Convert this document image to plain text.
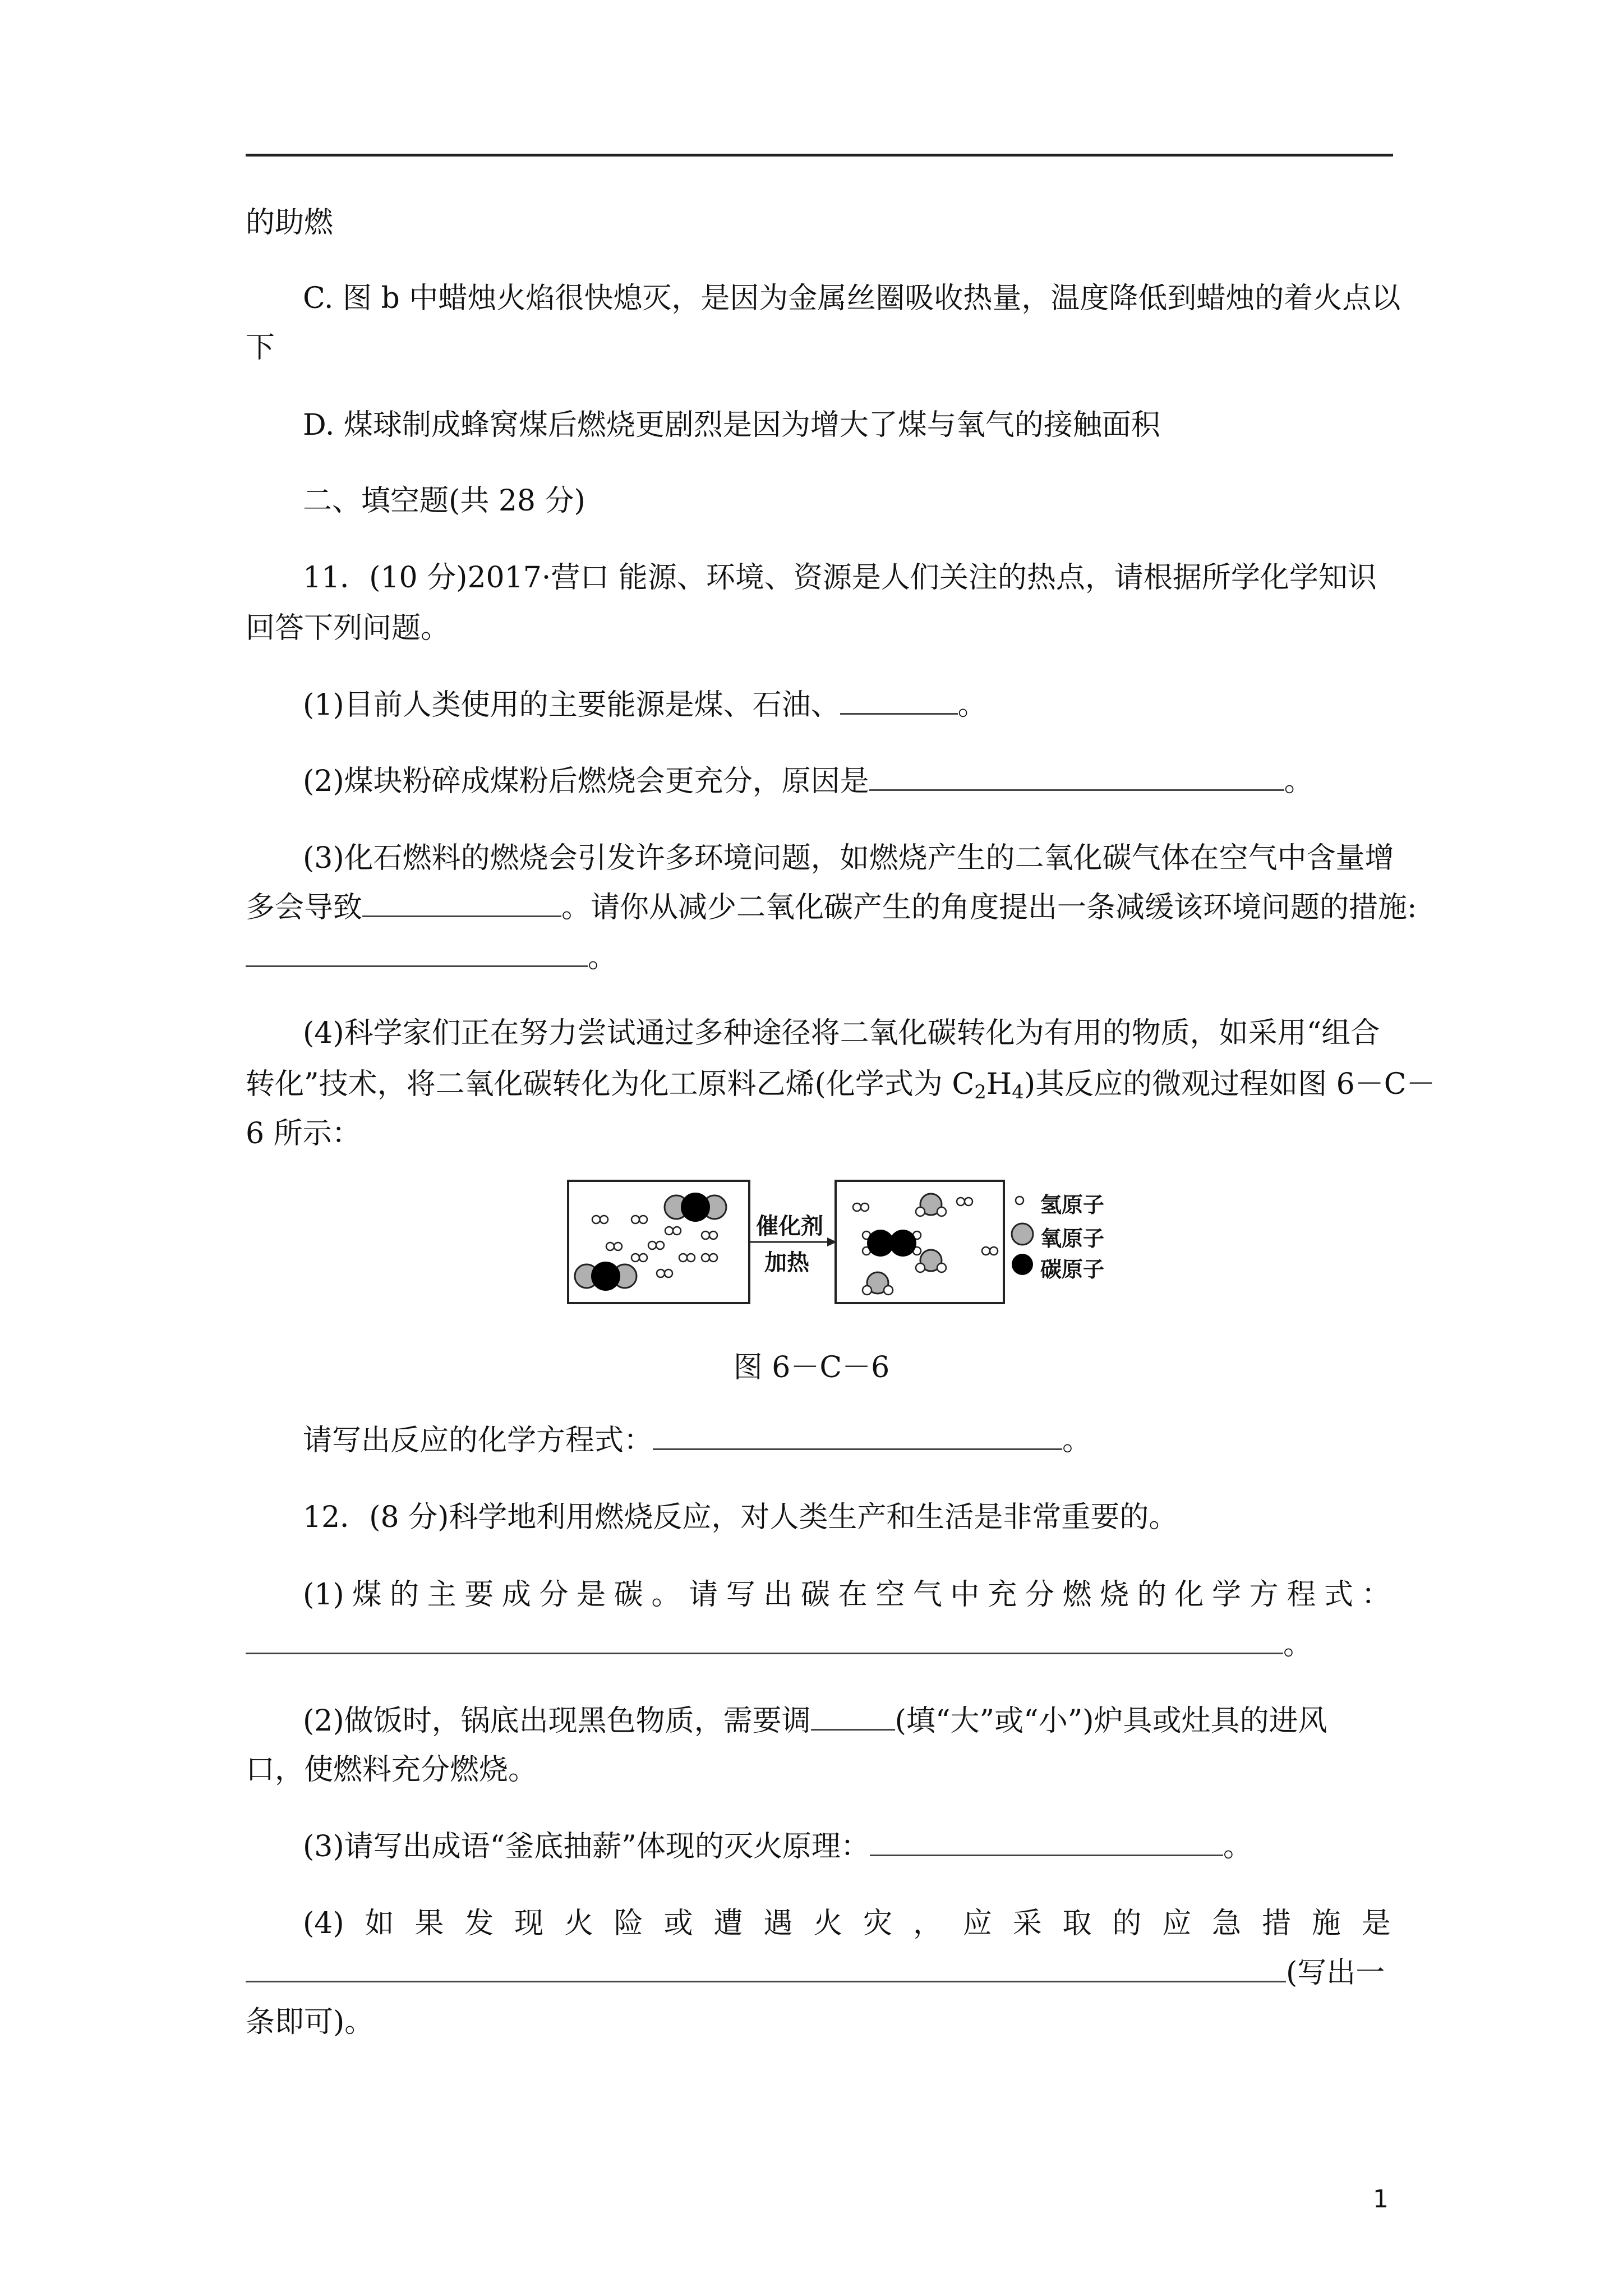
的助燃
C. 图 b 中蜡烛火焰很快熄灭，是因为金属丝圈吸收热量，温度降低到蜡烛的着火点以
下
D. 煤球制成蜂窝煤后燃烧更剧烈是因为增大了煤与氧气的接触面积
二、填空题(共 28 分)
11．(10 分)2017·营口 能源、环境、资源是人们关注的热点，请根据所学化学知识
回答下列问题。
(1)目前人类使用的主要能源是煤、石油、	。
(2)煤块粉碎成煤粉后燃烧会更充分，原因是	。
(3)化石燃料的燃烧会引发许多环境问题，如燃烧产生的二氧化碳气体在空气中含量增
多会导致	。请你从减少二氧化碳产生的角度提出一条减缓该环境问题的措施:
。
(4)科学家们正在努力尝试通过多种途径将二氧化碳转化为有用的物质，如采用“组合
转化”技术，将二氧化碳转化为化工原料乙烯(化学式为 $C_2H_4$)其反应的微观过程如图 6－C－
6 所示：
催化剂
加热
氢原子
氧原子
碳原子
图 6－C－6
请写出反应的化学方程式：	。
12．(8 分)科学地利用燃烧反应，对人类生产和生活是非常重要的。
(1) 煤 的 主 要 成 分 是 碳 。 请 写 出 碳 在 空 气 中 充 分 燃 烧 的 化 学 方 程 式 ：
。
(2)做饭时，锅底出现黑色物质，需要调	(填“大”或“小”)炉具或灶具的进风
口，使燃料充分燃烧。
(3)请写出成语“釜底抽薪”体现的灭火原理：	。
(4) 如 果 发 现 火 险 或 遭 遇 火 灾 ， 应 采 取 的 应 急 措 施 是
(写出一
条即可)。
1
